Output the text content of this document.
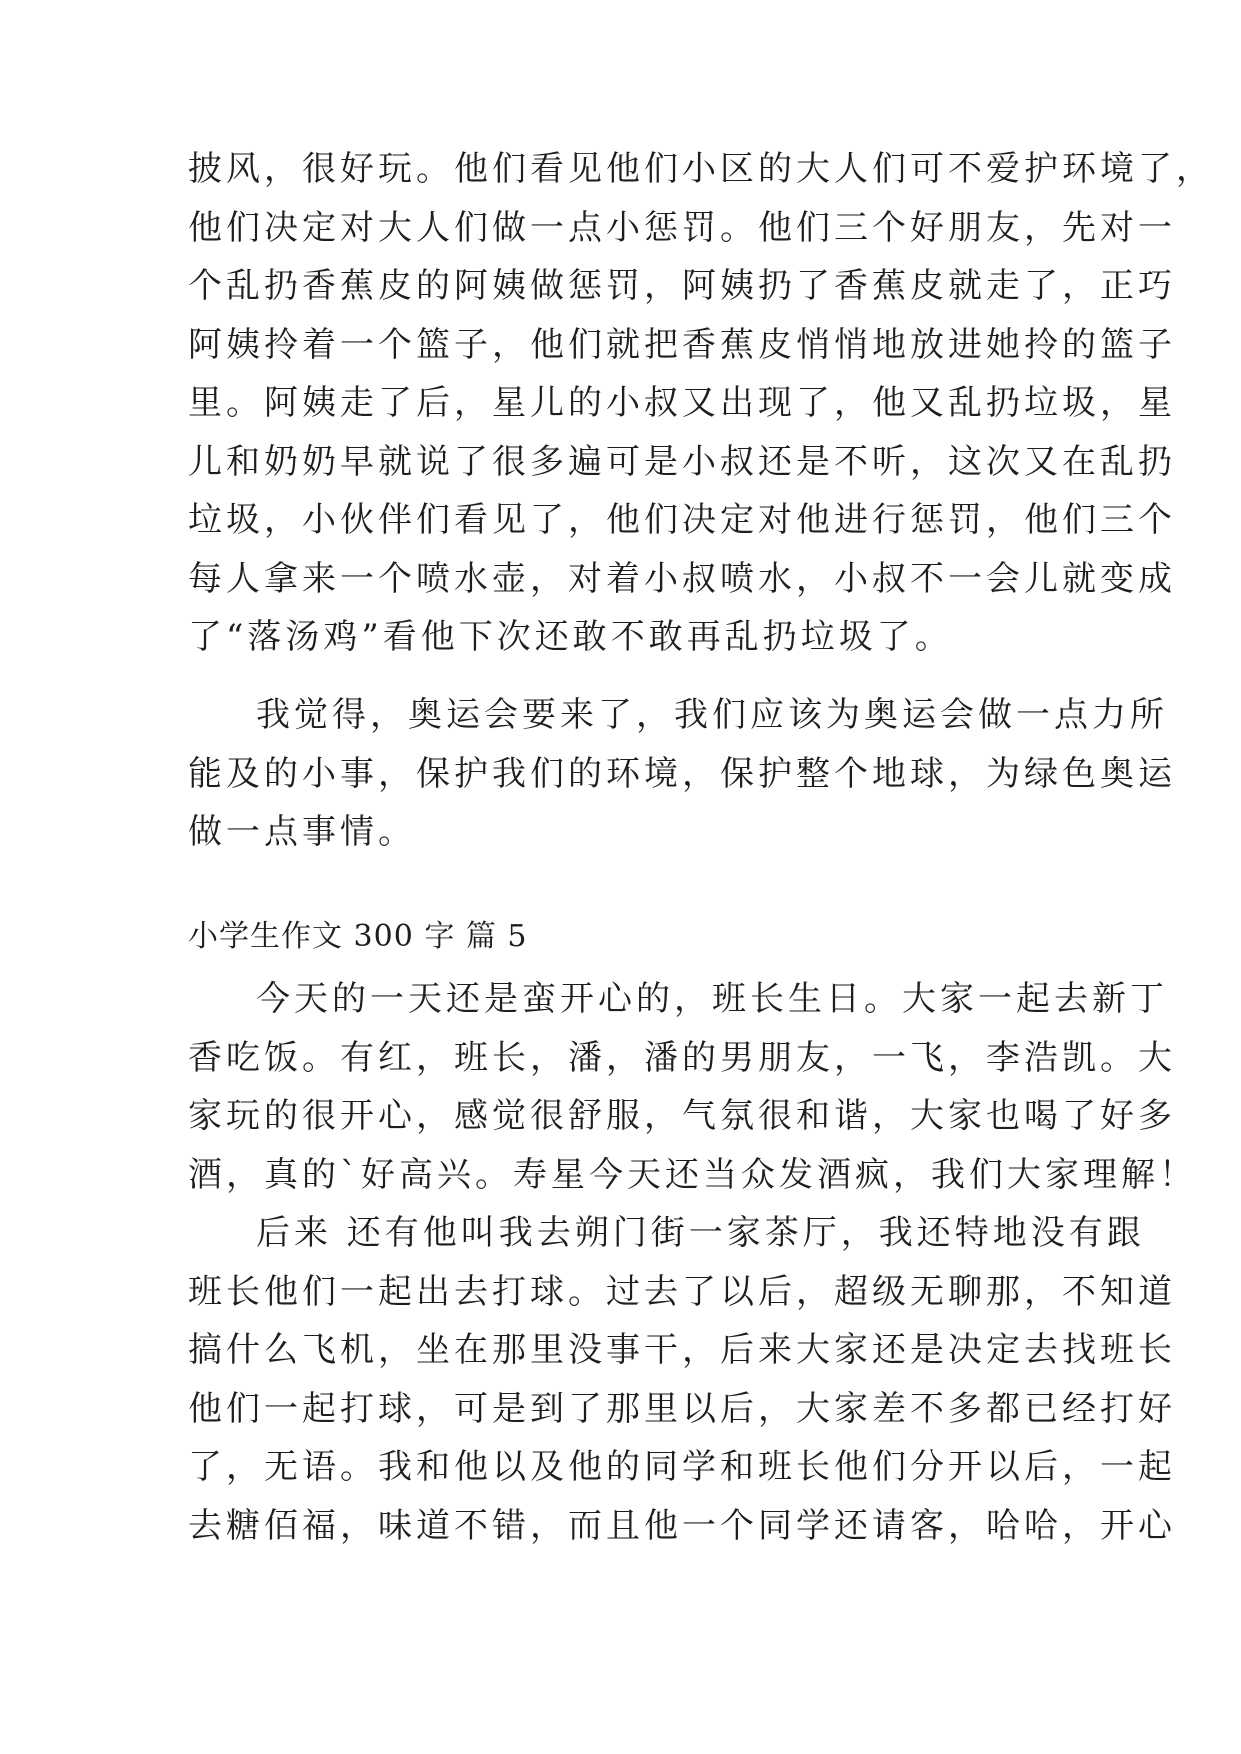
披风，很好玩。他们看见他们小区的大人们可不爱护环境了，
他们决定对大人们做一点小惩罚。他们三个好朋友，先对一
个乱扔香蕉皮的阿姨做惩罚，阿姨扔了香蕉皮就走了，正巧
阿姨拎着一个篮子，他们就把香蕉皮悄悄地放进她拎的篮子
里。阿姨走了后，星儿的小叔又出现了，他又乱扔垃圾，星
儿和奶奶早就说了很多遍可是小叔还是不听，这次又在乱扔
垃圾，小伙伴们看见了，他们决定对他进行惩罚，他们三个
每人拿来一个喷水壶，对着小叔喷水，小叔不一会儿就变成
了“落汤鸡”看他下次还敢不敢再乱扔垃圾了。
我觉得，奥运会要来了，我们应该为奥运会做一点力所
能及的小事，保护我们的环境，保护整个地球，为绿色奥运
做一点事情。
小学生作文 300 字 篇 5
今天的一天还是蛮开心的，班长生日。大家一起去新丁
香吃饭。有红，班长，潘，潘的男朋友，一飞，李浩凯。大
家玩的很开心，感觉很舒服，气氛很和谐，大家也喝了好多
酒，真的`好高兴。寿星今天还当众发酒疯，我们大家理解！
后来 还有他叫我去朔门街一家茶厅，我还特地没有跟
班长他们一起出去打球。过去了以后，超级无聊那，不知道
搞什么飞机，坐在那里没事干，后来大家还是决定去找班长
他们一起打球，可是到了那里以后，大家差不多都已经打好
了，无语。我和他以及他的同学和班长他们分开以后，一起
去糖佰福，味道不错，而且他一个同学还请客，哈哈，开心
